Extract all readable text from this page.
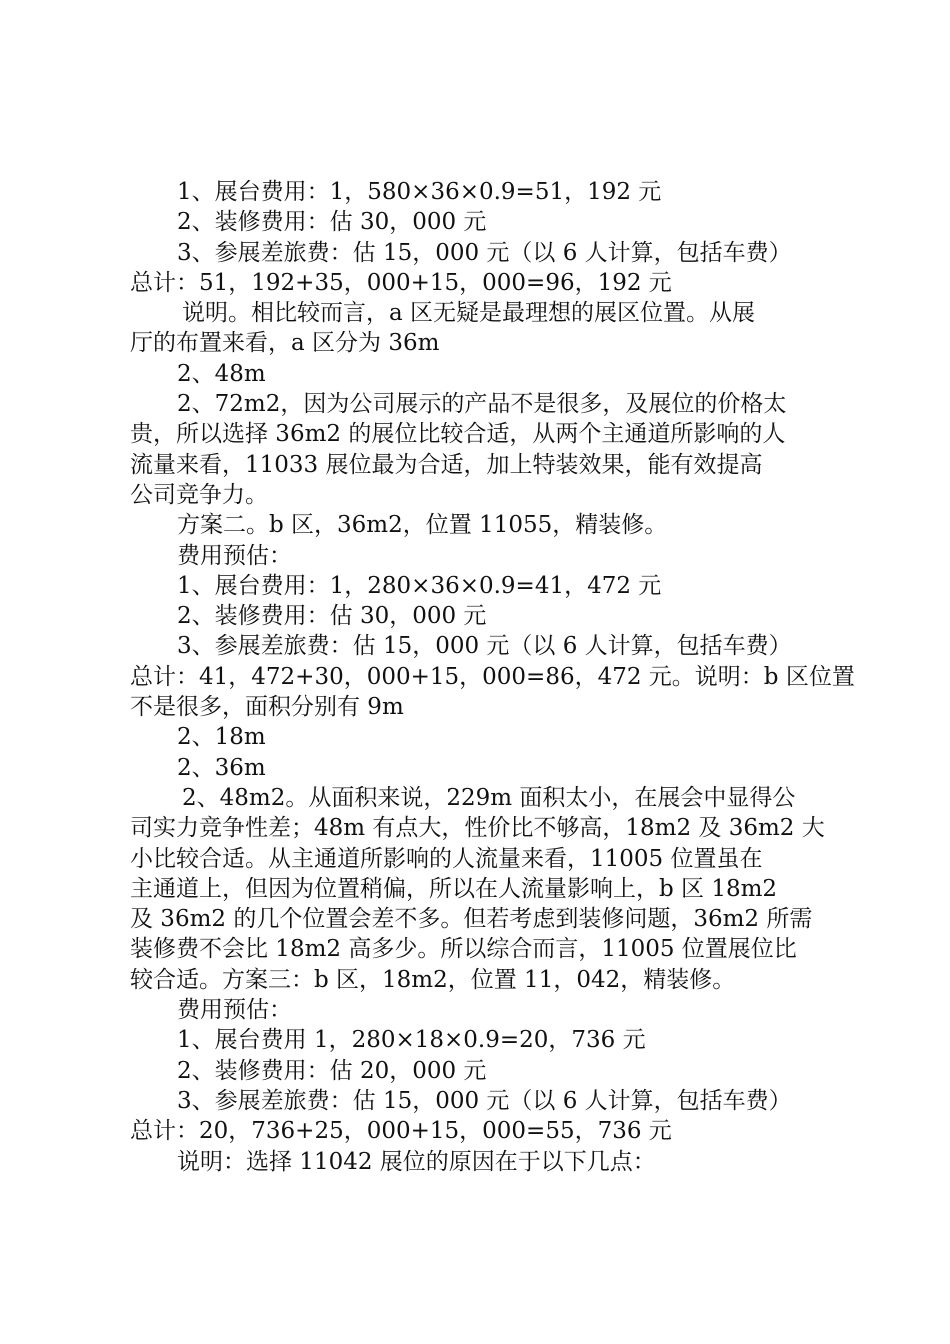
1、展台费用：1，580×36×0.9=51，192 元
2、装修费用：估 30，000 元
3、参展差旅费：估 15，000 元（以 6 人计算，包括车费）
总计：51，192+35，000+15，000=96，192 元
说明。相比较而言，a 区无疑是最理想的展区位置。从展
厅的布置来看，a 区分为 36m
2、48m
2、72m2，因为公司展示的产品不是很多，及展位的价格太
贵，所以选择 36m2 的展位比较合适，从两个主通道所影响的人
流量来看，11033 展位最为合适，加上特装效果，能有效提高
公司竞争力。
方案二。b 区，36m2，位置 11055，精装修。
费用预估：
1、展台费用：1，280×36×0.9=41，472 元
2、装修费用：估 30，000 元
3、参展差旅费：估 15，000 元（以 6 人计算，包括车费）
总计：41，472+30，000+15，000=86，472 元。说明：b 区位置
不是很多，面积分别有 9m
2、18m
2、36m
2、48m2。从面积来说，229m 面积太小，在展会中显得公
司实力竞争性差；48m 有点大，性价比不够高，18m2 及 36m2 大
小比较合适。从主通道所影响的人流量来看，11005 位置虽在
主通道上，但因为位置稍偏，所以在人流量影响上，b 区 18m2
及 36m2 的几个位置会差不多。但若考虑到装修问题，36m2 所需
装修费不会比 18m2 高多少。所以综合而言，11005 位置展位比
较合适。方案三：b 区，18m2，位置 11，042，精装修。
费用预估：
1、展台费用 1，280×18×0.9=20，736 元
2、装修费用：估 20，000 元
3、参展差旅费：估 15，000 元（以 6 人计算，包括车费）
总计：20，736+25，000+15，000=55，736 元
说明：选择 11042 展位的原因在于以下几点：
